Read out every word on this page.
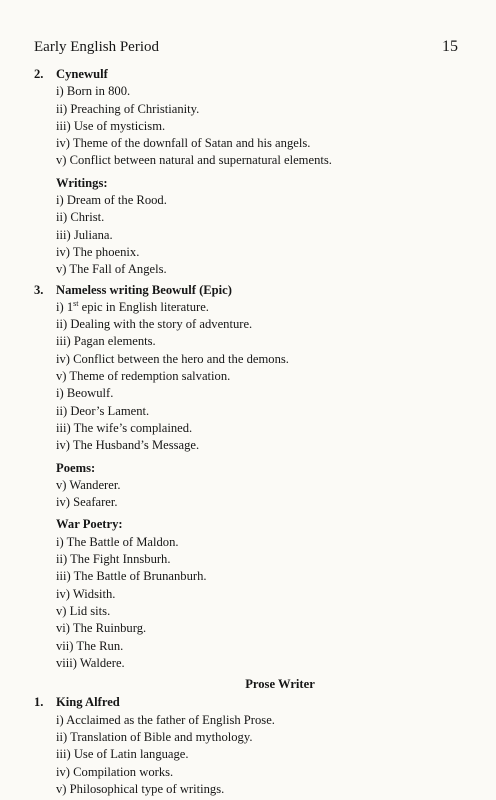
Early English Period	15
2. Cynewulf
i) Born in 800.
ii) Preaching of Christianity.
iii) Use of mysticism.
iv) Theme of the downfall of Satan and his angels.
v) Conflict between natural and supernatural elements.
Writings:
i) Dream of the Rood.
ii) Christ.
iii) Juliana.
iv) The phoenix.
v) The Fall of Angels.
3. Nameless writing Beowulf (Epic)
i) 1st epic in English literature.
ii) Dealing with the story of adventure.
iii) Pagan elements.
iv) Conflict between the hero and the demons.
v) Theme of redemption salvation.
i) Beowulf.
ii) Deor’s Lament.
iii) The wife’s complained.
iv) The Husband’s Message.
Poems:
v) Wanderer.
iv) Seafarer.
War Poetry:
i) The Battle of Maldon.
ii) The Fight Innsburh.
iii) The Battle of Brunanburh.
iv) Widsith.
v) Lid sits.
vi) The Ruinburg.
vii) The Run.
viii) Waldere.
Prose Writer
1. King Alfred
i) Acclaimed as the father of English Prose.
ii) Translation of Bible and mythology.
iii) Use of Latin language.
iv) Compilation works.
v) Philosophical type of writings.
